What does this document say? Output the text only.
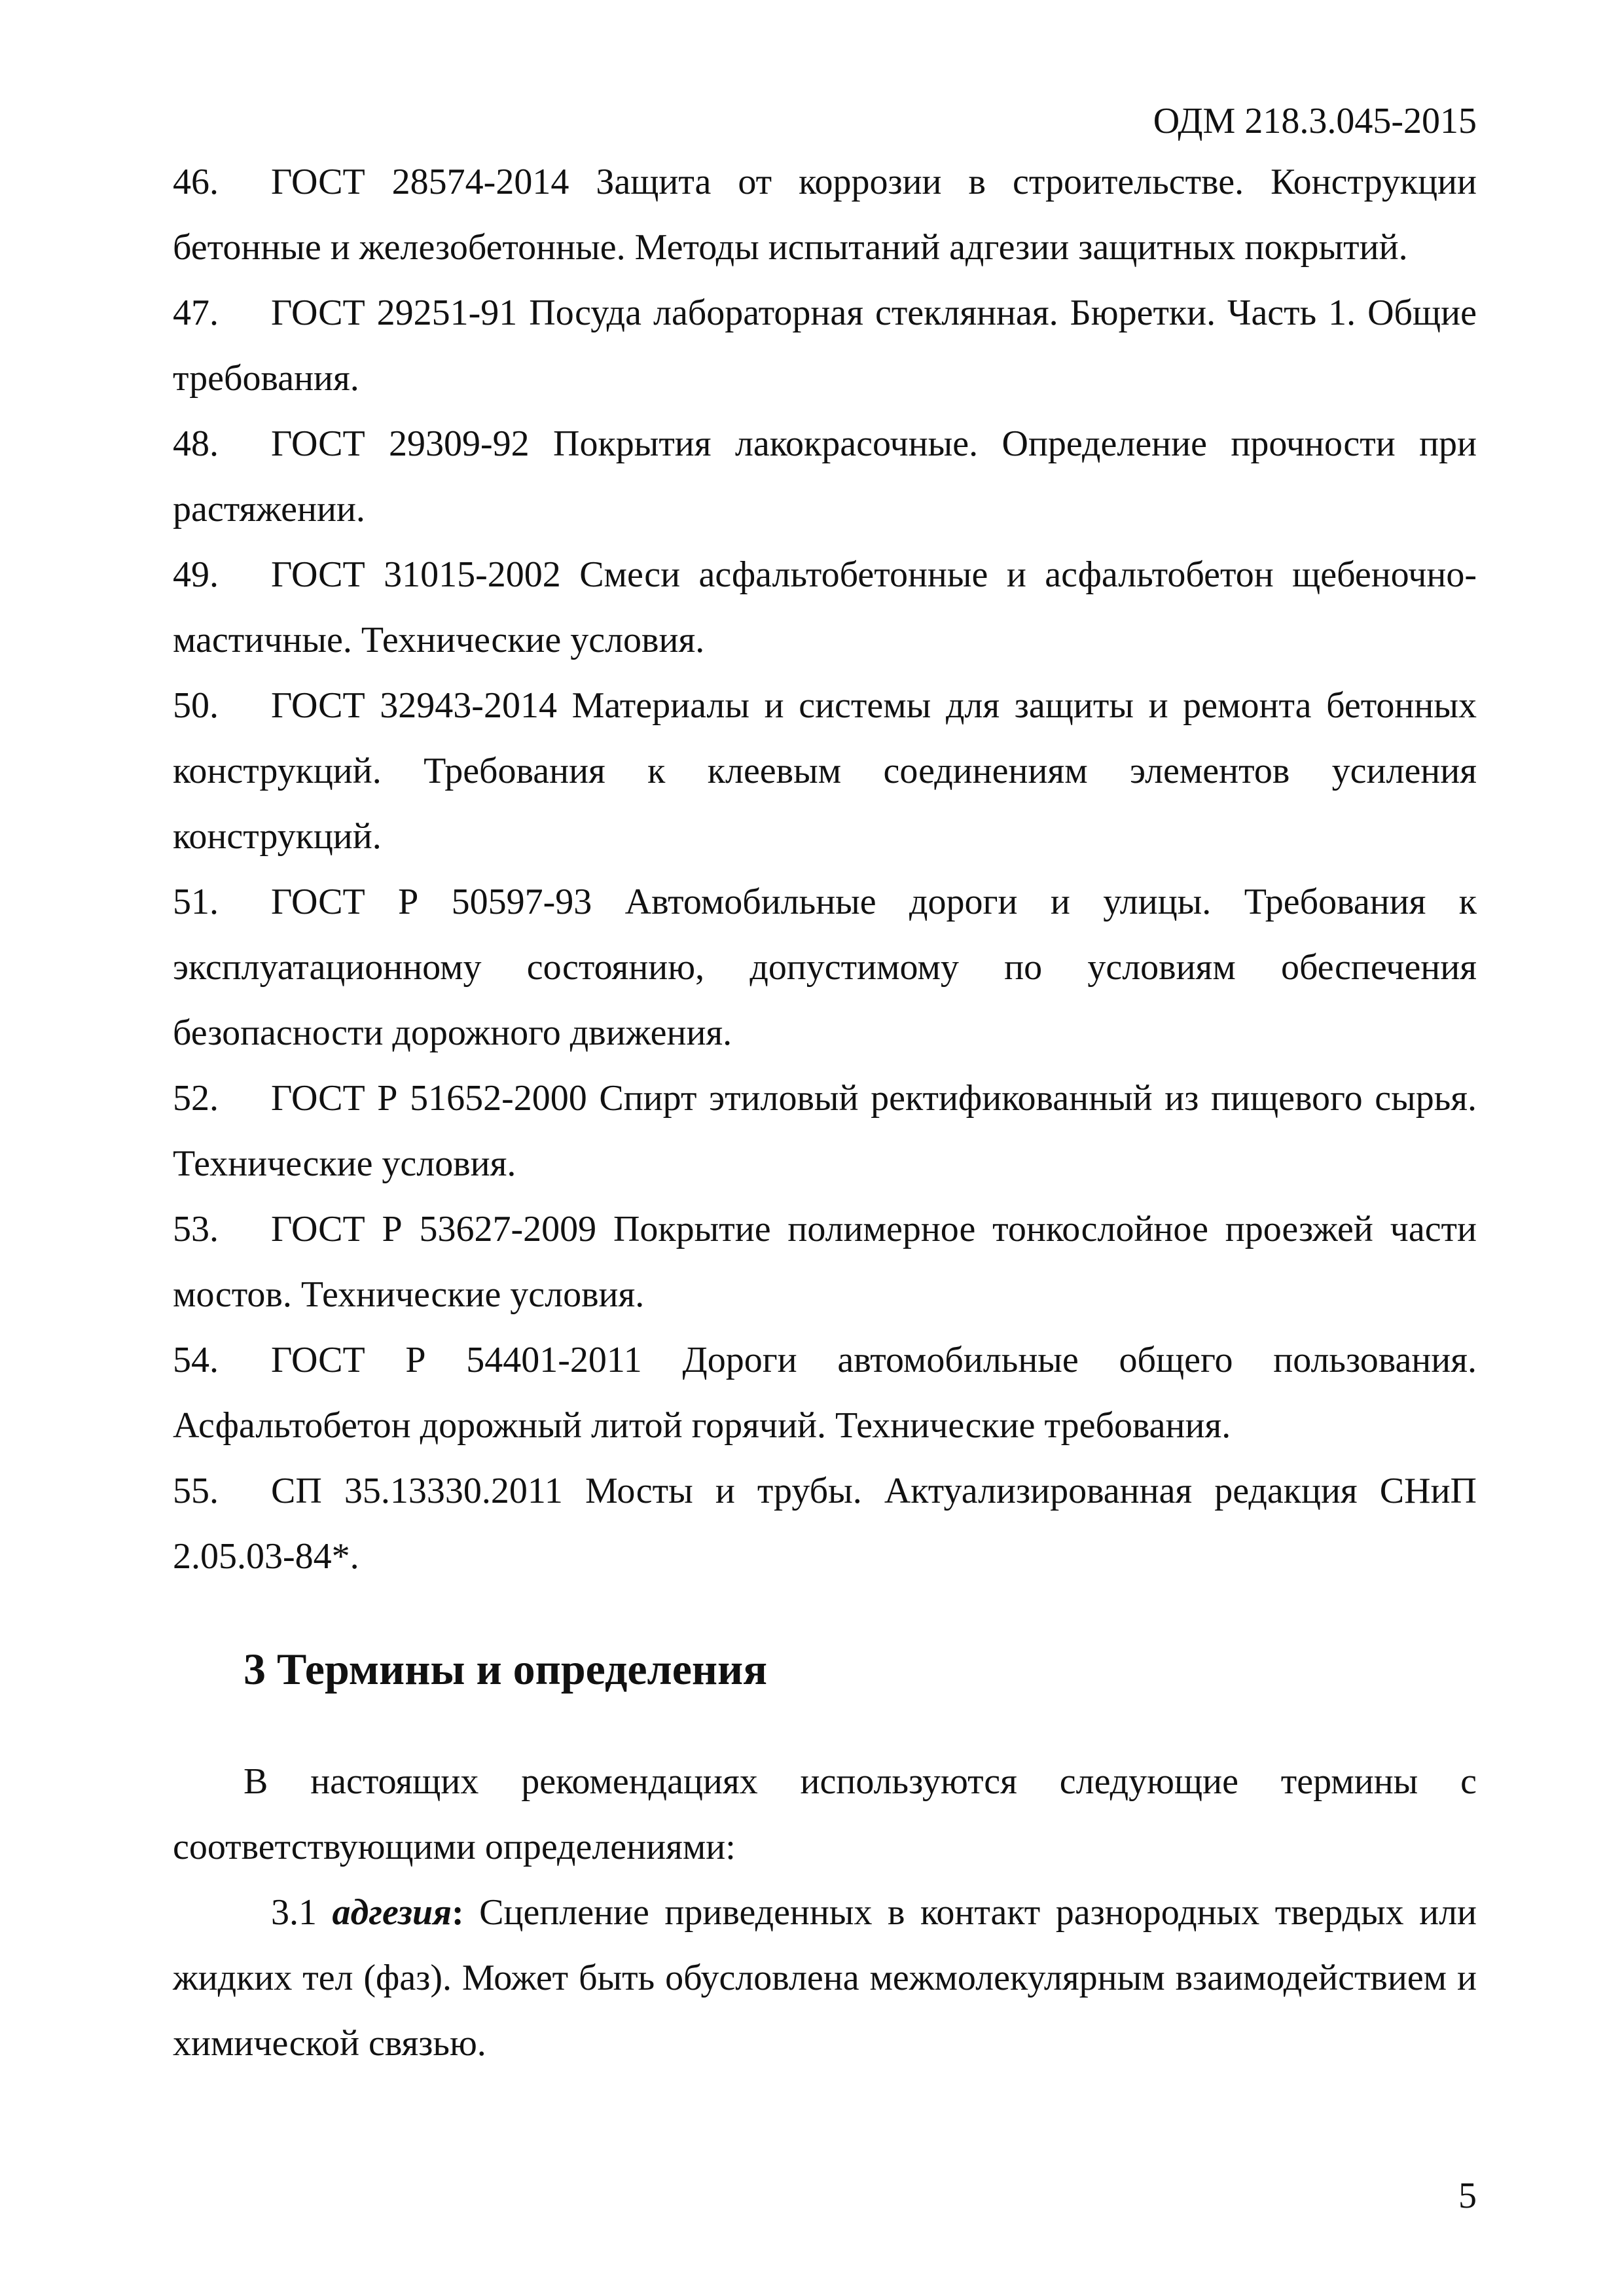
ОДМ 218.3.045-2015

46. ГОСТ 28574-2014 Защита от коррозии в строительстве. Конструкции бетонные и железобетонные. Методы испытаний адгезии защитных покрытий.

47. ГОСТ 29251-91 Посуда лабораторная стеклянная. Бюретки. Часть 1. Общие требования.

48. ГОСТ 29309-92 Покрытия лакокрасочные. Определение прочности при растяжении.

49. ГОСТ 31015-2002 Смеси асфальтобетонные и асфальтобетон щебеночно-мастичные. Технические условия.

50. ГОСТ 32943-2014 Материалы и системы для защиты и ремонта бетонных конструкций. Требования к клеевым соединениям элементов усиления конструкций.

51. ГОСТ Р 50597-93 Автомобильные дороги и улицы. Требования к эксплуатационному состоянию, допустимому по условиям обеспечения безопасности дорожного движения.

52. ГОСТ Р 51652-2000 Спирт этиловый ректификованный из пищевого сырья. Технические условия.

53. ГОСТ Р 53627-2009 Покрытие полимерное тонкослойное проезжей части мостов. Технические условия.

54. ГОСТ Р 54401-2011 Дороги автомобильные общего пользования. Асфальтобетон дорожный литой горячий. Технические требования.

55. СП 35.13330.2011 Мосты и трубы. Актуализированная редакция СНиП 2.05.03-84*.

3 Термины и определения

В настоящих рекомендациях используются следующие термины с соответствующими определениями:

3.1 адгезия: Сцепление приведенных в контакт разнородных твердых или жидких тел (фаз). Может быть обусловлена межмолекулярным взаимодействием и химической связью.

5
